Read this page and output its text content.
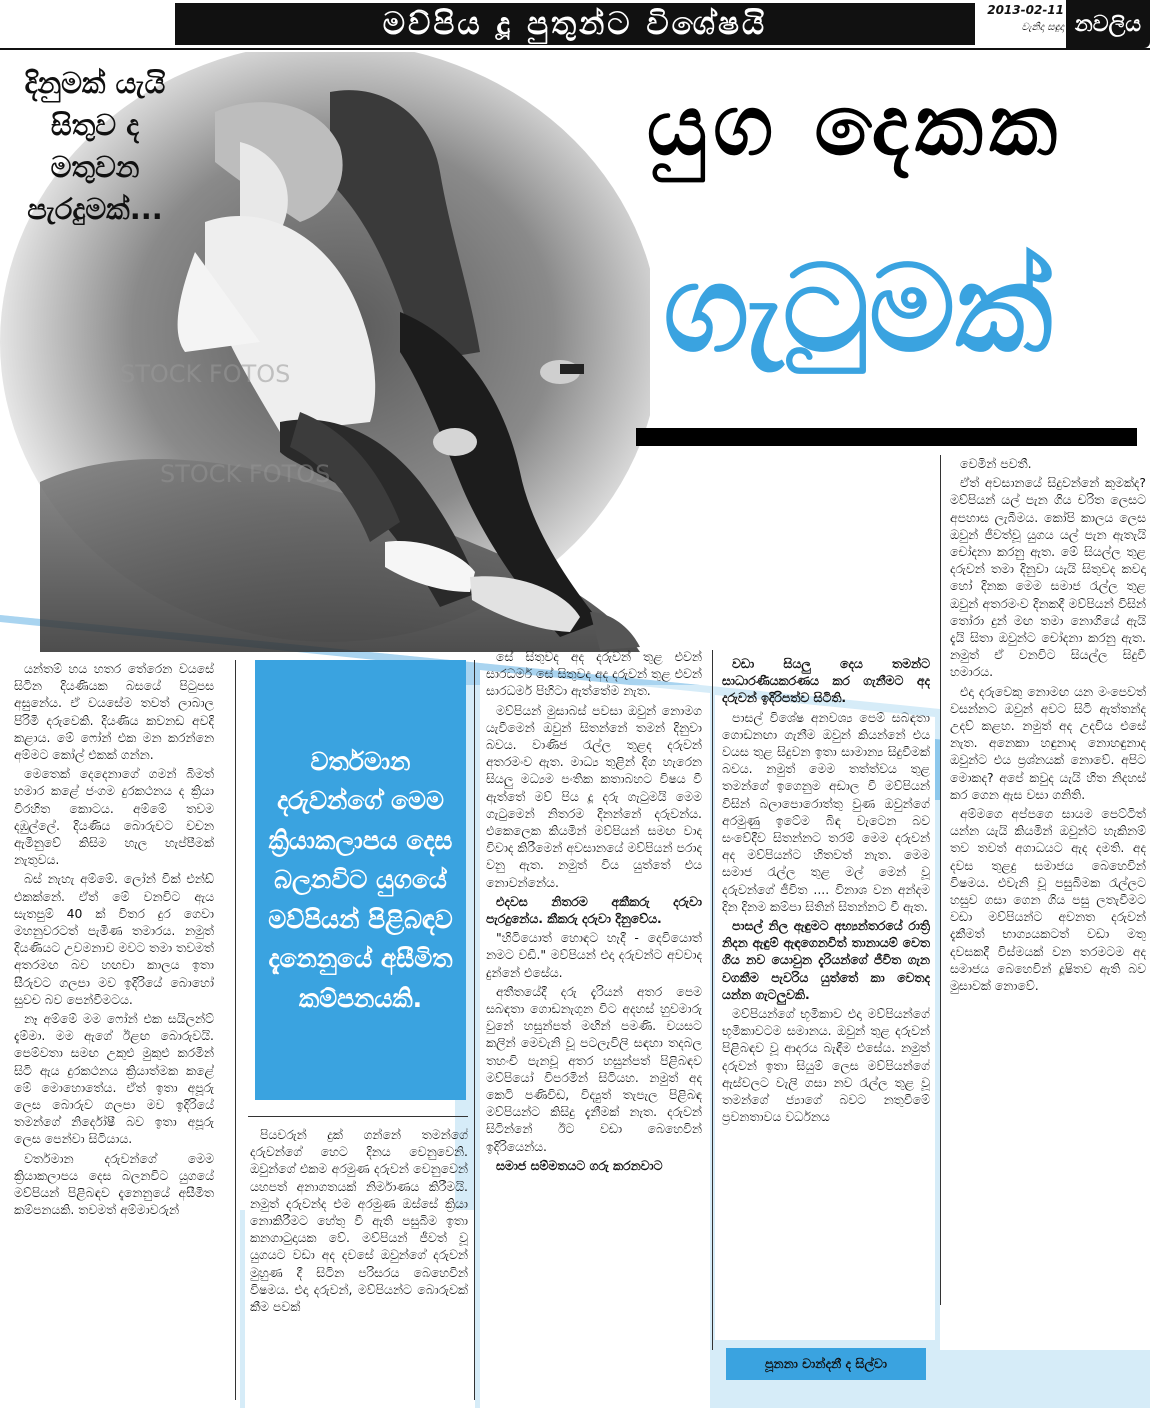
මව්පිය දූ පුතුන්ට විශේෂයි	2013-02-11
වැනිදා සඳුදා නවලිය
STOCK FOTOS
STOCK FOTOS
දිනුමක් යැයි
සිතුව ද
මතුවන
පැරදුමක්...
යුග දෙකක
ගැටුමක්

යන්තම් හය හතර තේරෙන වයසේ සිටින දියණියක බසයේ පිටුපස අසුනේය. ඒ වයසේම තවත් ලාබාල පිරිමි දරුවෙකි. දියණිය කවනඩ අවදි කළාය. මේ ෆෝන් එක මන කරන්නෙ අම්මට කෝල් එකක් ගන්න.

මෙතෙක් දෙදෙනාගේ ගමන් බිමත් හමාර කළේ ජංගම දුරකථනය ද ක්‍රියා විරහිත කොටය. අම්මේ තවම දඹුල්ලේ. දියණිය බොරුවට වචන ඇමිනුවේ කිසිම හැල හැප්පීමක් නැතුවය.

බස් නැහැ අම්මේ. ලෝන් වීක් එන්ඩ් එකක්නේ. ඒත් මේ වනවිට ඇය සැතපුම් 40 ක් විතර දුර ගෙවා මහනුවරටත් පැමිණ තමාරය. නමුත් දියණියට උවමනාව මවට තමා තවමත් අතරමඟ බව හඟවා කාලය ඉතා සීරුවට ගලපා මව ඉදිරියේ බොහෝ සුවච බව පෙන්වීමටය.

නෑ අම්මේ මම ෆෝන් එක සයිලන්ට් දැම්මා. මම ඇගේ ඊළඟ බොරුවයි. පෙම්වතා සමඟ උකුළු මුකුළු කරමින් සිටි ඇය දුරකථනය ක්‍රියාත්මක කළේ මේ මොහොතේය. ඒත් ඉතා අපූරු ලෙස බොරුව ගලපා මව ඉදිරියේ තමන්ගේ නිර්දෝෂී බව ඉතා අපූරු ලෙස පෙන්වා සිටියාය.

වර්තමාන දරුවන්ගේ මෙම ක්‍රියාකලාපය දෙස බලනවිට යුගයේ මව්පියන් පිළිබඳව දැනෙනුයේ අසීමිත කම්පනයකි. තවමත් අම්මාවරුන්

වර්තමාන දරුවන්ගේ මෙම ක්‍රියාකලාපය දෙස බලනවිට යුගයේ මව්පියන් පිළිබඳව දැනෙනුයේ අසීමිත කම්පනයකි.

පියවරුන් දුක් ගන්නේ තමන්ගේ දරුවන්ගේ හෙට දිනය වෙනුවෙනි. ඔවුන්ගේ එකම අරමුණ දරුවන් වෙනුවෙන් යහපත් අනාගතයක් නිර්මාණය කිරීමයි. නමුත් දරුවන්ද එම අරමුණ ඔස්සේ ක්‍රියා නොකිරීමට හේතු වී ඇති පසුබිම ඉතා කනගාටුදායක වේ. මව්පියන් ජීවත් වූ යුගයට වඩා අද දවසේ ඔවුන්ගේ දරුවන් මුහුණ දී සිටින පරිසරය බෙහෙවින් විෂමය. එදා දරුවන්, මව්පියන්ට බොරුවක් කීම පවක්

සේ සිතුවද අද දරුවන් තුළ එවන් සාරධර්ම සේ සිතුවද අද දරුවන් තුළ එවන් සාරධර්ම පිහිටා ඇත්තේම නැත.

මව්පියන් මුසාබස් පවසා ඔවුන් නොමග යැවීමෙන් ඔවුන් සිතන්නේ තමන් දිනුවා බවය. වාණිජ රැල්ල තුළද දරුවන් අතරමංව ඇත. මාධ්‍ය තුළින් දිග හැරෙන සියලු මධ්‍යම පංතික කතාබහට විෂය වී ඇත්තේ මව් පිය දූ දරු ගැටුමයි මෙම ගැටුමෙන් නිතරම දිනන්නේ දරුවන්ය. එකෙලෙක කියමින් මව්පියන් සමඟ වාද විවාද කිරීමෙන් අවසානයේ මව්පියන් පරාද වනු ඇත. නමුත් විය යුත්තේ එය නොවන්නේය.

එදවස නිතරම අකීකරු දරුවා පැරදුනේය. කීකරු දරුවා දිනුවේය.

"හිටියොත් හොඳට හැදී - දෙවියොත් නමට වඩී." මව්පියන් එදා දරුවන්ට අවවාද දුන්නේ එසේය.

අතීතයේදී දරු දැරියන් අතර පෙම සබඳතා ගොඩනැගුන විට අදහස් හුවමාරු වුනේ හසුන්පත් මඟින් පමණි. වයසට කලින් මෙවැනි වූ පටලැවිලි සඳහා තදබල තහංචි පැනවූ අතර හසුන්පත් පිළිබඳව මව්පියෝ විපරමින් සිටියහ. නමුත් අද කෙටි පණිවිඩ, විද්‍යුත් තැපැල පිළිබඳ මව්පියන්ට කිසිදු දැනීමක් නැත. දරුවන් සිටින්නේ ඊට වඩා බෙහෙවින් ඉදිරියෙන්ය.

සමාජ සම්මතයට ගරු කරනවාට

වඩා සියලු දෙය තමන්ට සාධාරණීයකරණය කර ගැනීමට අද දරුවන් ඉදිරිපත්ව සිටිති.

පාසල් විශේෂ අනවශ්‍ය පෙම් සබඳතා ගොඩනඟා ගැනීම ඔවුන් කියන්නේ එය වයස තුළ සිදුවන ඉතා සාමාන්‍ය සිදුවීමක් බවය. නමුත් මෙම තත්ත්වය තුළ තමන්ගේ ඉගෙනුම අඩාල වී මව්පියන් විසින් බලාපොරොත්තු වුණ ඔවුන්ගේ අරමුණු ඉටේම බිඳ වැටෙන බව සංවේදීව සිතන්නට තරම් මෙම දරුවන් අද මව්පියන්ට හිතවත් නැත. මෙම සමාජ රැල්ල තුළ මල් මෙන් වූ දරුවන්ගේ ජීවිත .... විනාශ වන අන්දම දින දිනම කම්පා සිතින් සිතන්නට වී ඇත.

පාසල් නිල ඇඳුමට අභ්‍යන්තරයේ රාත්‍රි නිදන ඇඳුම් ඇඳගෙනවිත් තානායම් වෙත ගිය නව යොවුන දැරියන්ගේ ජීවිත ගැන වගකීම පැවරිය යුත්තේ කා වෙතද යන්න ගැටලුවකි.

මව්පියන්ගේ භූමිකාව එදා මව්පියන්ගේ භූමිකාවටම සමානය. ඔවුන් තුළ දරුවන් පිළිබඳව වූ ආදරය බැඳීම එසේය. නමුත් දරුවන් ඉතා සියුම් ලෙස මව්පියන්ගේ ඇස්වලට වැලි ගසා නව රැල්ල තුළ වූ තමන්ගේ ජ්‍යාගේ බවට නතුවීමේ ප්‍රවනතාවය වර්ධනය

වෙමින් පවතී.

ඒත් අවසානයේ සිදුවන්නේ කුමක්ද? මව්පියන් යල් පැන ගිය චරිත ලෙසට අපහාස ලැබීමය. කෝපි කාලය ලෙස ඔවුන් ජීවත්වූ යුගය යල් පැන ඇතැයි චෝදනා කරනු ඇත. මේ සියල්ල තුළ දරුවන් තමා දිනුවා යැයි සිතුවද කවදා හෝ දිනක මෙම සමාජ රැල්ල තුළ ඔවුන් අතරමංව දිනකදී මව්පියන් විසින් තෝරා දුන් මඟ තමා නොගියේ ඇයි දැයි සිතා ඔවුන්ට චෝදනා කරනු ඇත. නමුත් ඒ වනවිට සියල්ල සිදුවී හමාරය.

එදා දරුවෙකු නොමඟ යන මංපෙවත් වසන්නට ඔවුන් අවට සිටි ඇත්තන්ද උදව් කළහ. නමුත් අද උදවිය එසේ නැත. අනෙකා හඳුනාද නොහඳුනාද ඔවුන්ට එය ප්‍රශ්නයක් නොවේ. අපිට මොකද? අපේ කවුද යැයි හිත නිදහස් කර ගෙන ඇස වසා ගනිති.

අම්මගෙ අප්පගෙ සායම පෙට්ටිත් යන්න යැයි කියමින් ඔවුන්ට හැකිනම් තව තවත් අගාධයට ඇද දමති. අද දවස තුළදු සමාජය බෙහෙවින් විෂමය. එවැනි වූ පසුබිමක රැල්ලට හසුව ගසා ගෙන ගිය පසු ලතැවීමට වඩා මව්පියන්ට අවනත දරුවන් දැකීමත් භාග්‍යයකටත් වඩා මතු දවසකදී විස්මයක් වන තරමටම අද සමාජය බෙහෙවින් දූෂිතව ඇති බව මුසාවක් නොවේ.

පූනනා චාන්දනී ද සිල්වා
